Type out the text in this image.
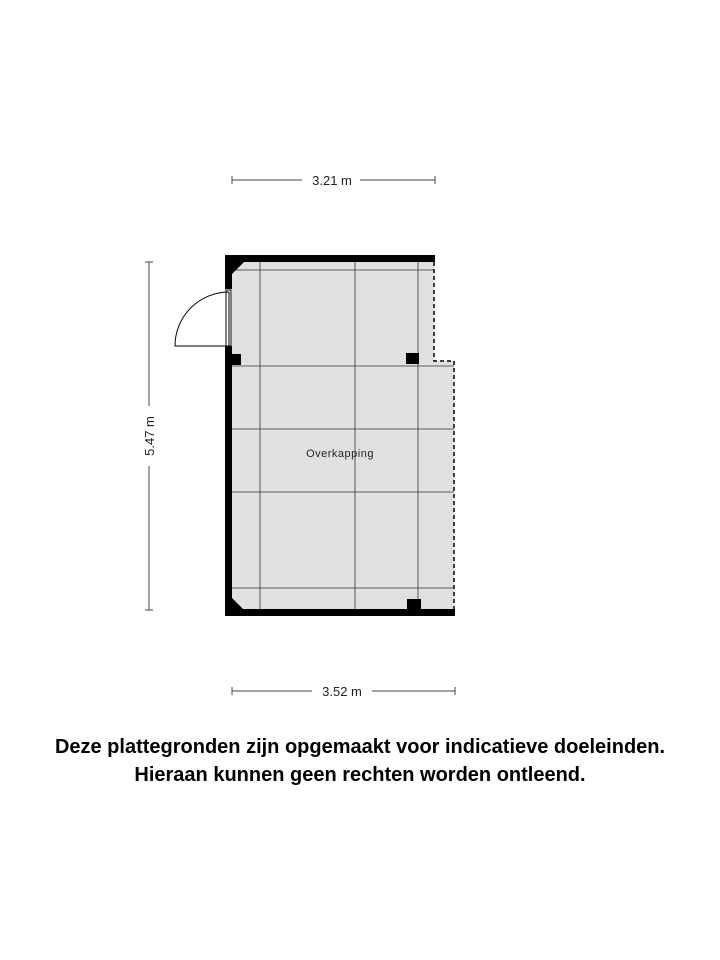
3.21 m
5.47 m
3.52 m
Overkapping
Deze plattegronden zijn opgemaakt voor indicatieve doeleinden.
Hieraan kunnen geen rechten worden ontleend.
